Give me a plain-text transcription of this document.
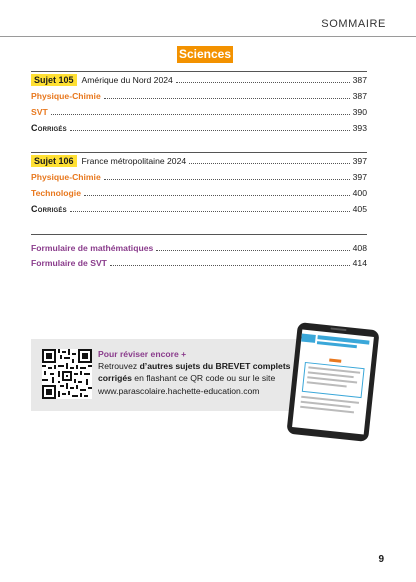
SOMMAIRE
Sciences
Sujet 105 Amérique du Nord 2024	387
Physique-Chimie	387
SVT	390
Corrigés	393
Sujet 106 France métropolitaine 2024	397
Physique-Chimie	397
Technologie	400
Corrigés	405
Formulaire de mathématiques	408
Formulaire de SVT	414
Pour réviser encore +
Retrouvez d’autres sujets du BREVET complets
corrigés en flashant ce QR code ou sur le site
www.parascolaire.hachette-education.com
9
